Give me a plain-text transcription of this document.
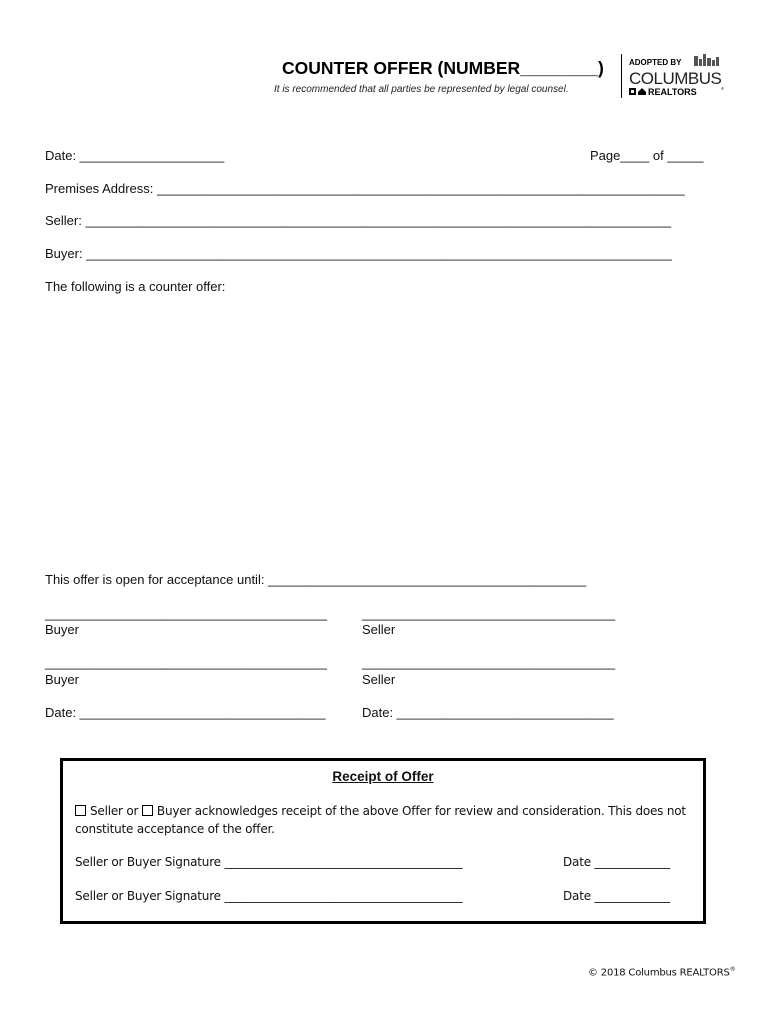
COUNTER OFFER (NUMBER________)
It is recommended that all parties be represented by legal counsel.
ADOPTED BY
COLUMBUS
REALTORS	®
Date: ____________________	Page____ of _____
Premises Address: _________________________________________________________________________
Seller: _________________________________________________________________________________
Buyer: _________________________________________________________________________________
The following is a counter offer:
This offer is open for acceptance until: ____________________________________________
_______________________________________	___________________________________
Buyer	Seller
_______________________________________	___________________________________
Buyer	Seller
Date: __________________________________	Date: ______________________________
Receipt of Offer
Seller or Buyer acknowledges receipt of the above Offer for review and consideration. This does not constitute acceptance of the offer.
Seller or Buyer Signature _________________________________________	Date _____________
Seller or Buyer Signature _________________________________________	Date _____________
© 2018 Columbus REALTORS®
